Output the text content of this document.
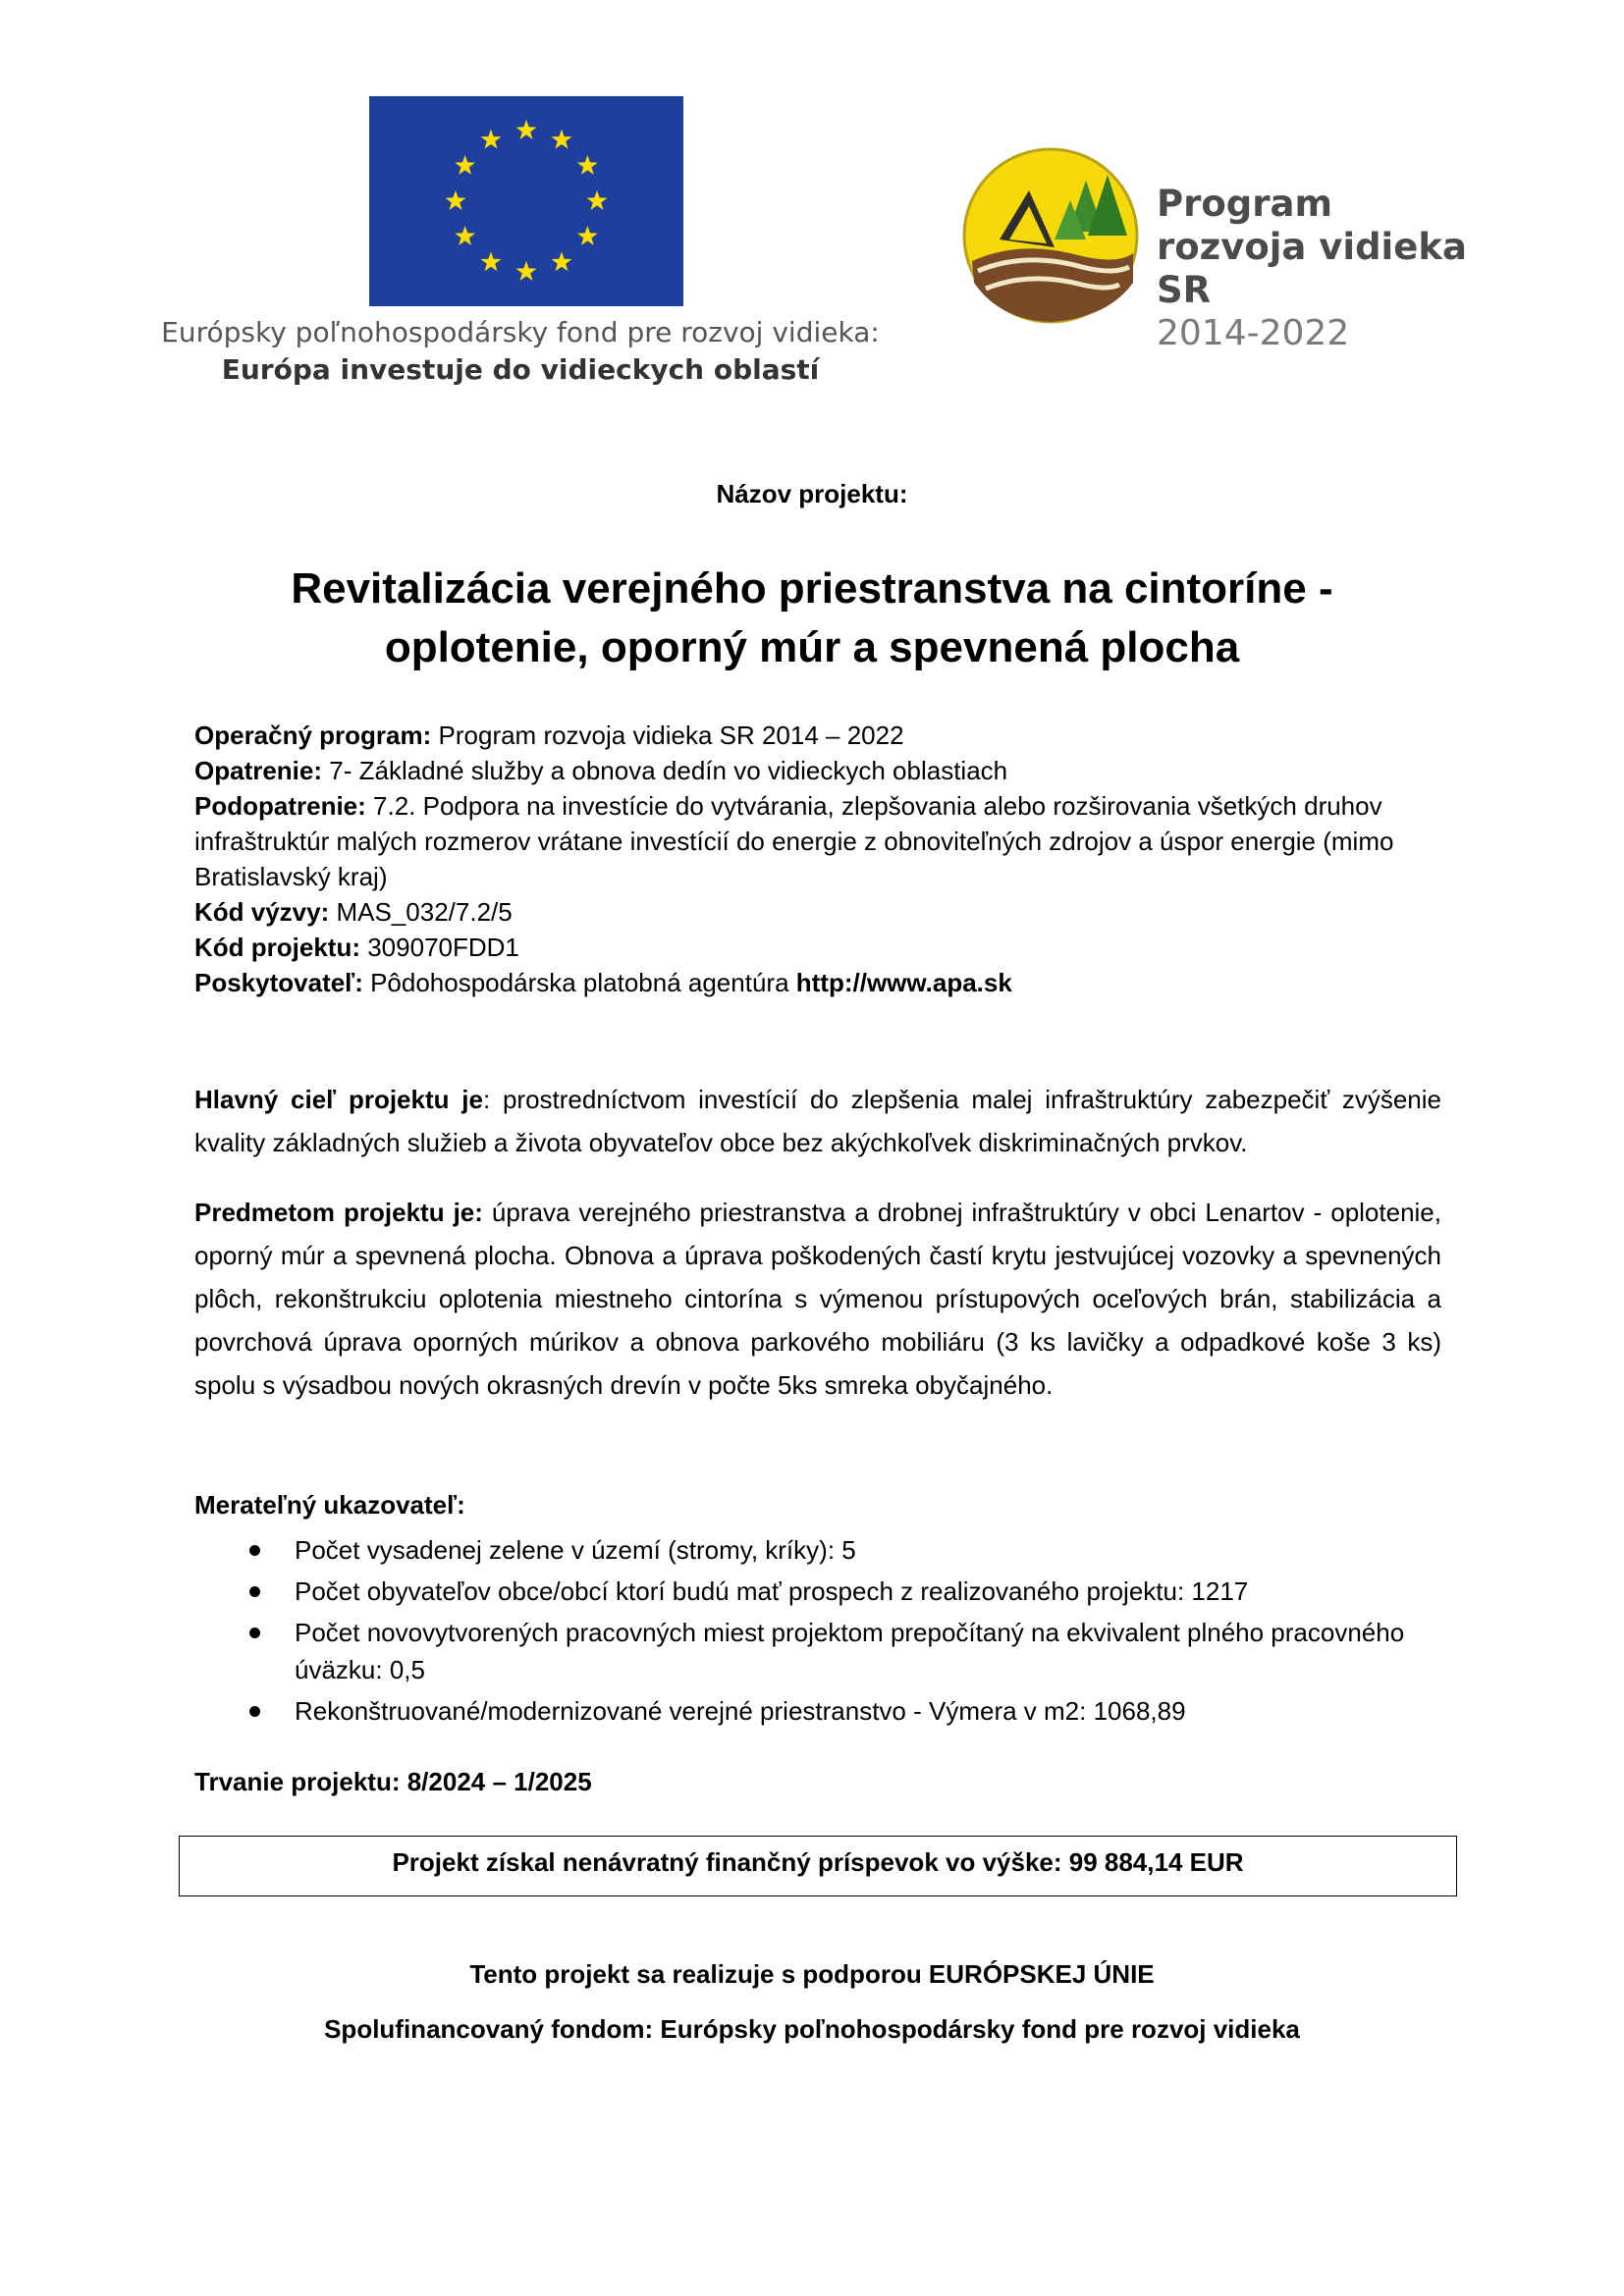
Európsky poľnohospodársky fond pre rozvoj vidieka:
Európa investuje do vidieckych oblastí
Program
rozvoja vidieka SR
2014-2022
Názov projektu:
Revitalizácia verejného priestranstva na cintoríne -
oplotenie, oporný múr a spevnená plocha

Operačný program: Program rozvoja vidieka SR 2014 – 2022

Opatrenie: 7- Základné služby a obnova dedín vo vidieckych oblastiach

Podopatrenie: 7.2. Podpora na investície do vytvárania, zlepšovania alebo rozširovania všetkých druhov infraštruktúr malých rozmerov vrátane investícií do energie z obnoviteľných zdrojov a úspor energie (mimo Bratislavský kraj)

Kód výzvy: MAS_032/7.2/5

Kód projektu: 309070FDD1

Poskytovateľ: Pôdohospodárska platobná agentúra http://www.apa.sk

Hlavný cieľ projektu je: prostredníctvom investícií do zlepšenia malej infraštruktúry zabezpečiť zvýšenie kvality základných služieb a života obyvateľov obce bez akýchkoľvek diskriminačných prvkov.
Predmetom projektu je: úprava verejného priestranstva a drobnej infraštruktúry v obci Lenartov - oplotenie, oporný múr a spevnená plocha. Obnova a úprava poškodených častí krytu jestvujúcej vozovky a spevnených plôch, rekonštrukciu oplotenia miestneho cintorína s výmenou prístupových oceľových brán, stabilizácia a povrchová úprava oporných múrikov a obnova parkového mobiliáru (3 ks lavičky a odpadkové koše 3 ks) spolu s výsadbou nových okrasných drevín v počte 5ks smreka obyčajného.
Merateľný ukazovateľ:
Počet vysadenej zelene v území (stromy, kríky): 5
Počet obyvateľov obce/obcí ktorí budú mať prospech z realizovaného projektu: 1217
Počet novovytvorených pracovných miest projektom prepočítaný na ekvivalent plného pracovného úväzku: 0,5
Rekonštruované/modernizované verejné priestranstvo - Výmera v m2: 1068,89
Trvanie projektu: 8/2024 – 1/2025
Projekt získal nenávratný finančný príspevok vo výške: 99 884,14 EUR
Tento projekt sa realizuje s podporou EURÓPSKEJ ÚNIE
Spolufinancovaný fondom: Európsky poľnohospodársky fond pre rozvoj vidieka
